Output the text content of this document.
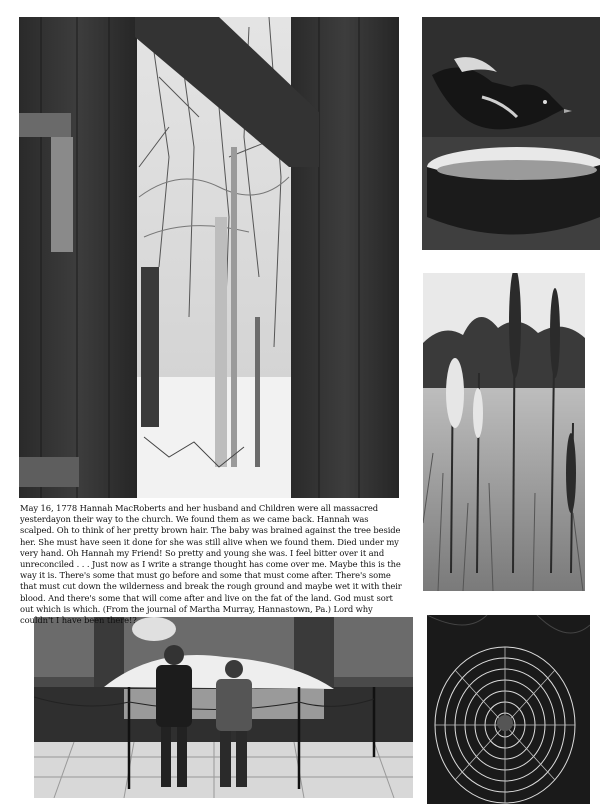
May 16, 1778 Hannah MacRoberts and her husband and Children were all massacred yesterdayon their way to the church. We found them as we came back. Hannah was scalped. Oh to think of her pretty brown hair. The baby was brained against the tree beside her. She must have seen it done for she was still alive when we found them. Died under my very hand. Oh Hannah my Friend! So pretty and young she was. I feel bitter over it and unreconciled . . . Just now as I write a strange thought has come over me. Maybe this is the way it is. There's some that must go before and some that must come after. There's some that must cut down the wilderness and break the rough ground and maybe wet it with their blood. And there's some that will come after and live on the fat of the land. God must sort out which is which. (From the journal of Martha Murray, Hannastown, Pa.) Lord why couldn't I have been there!?
